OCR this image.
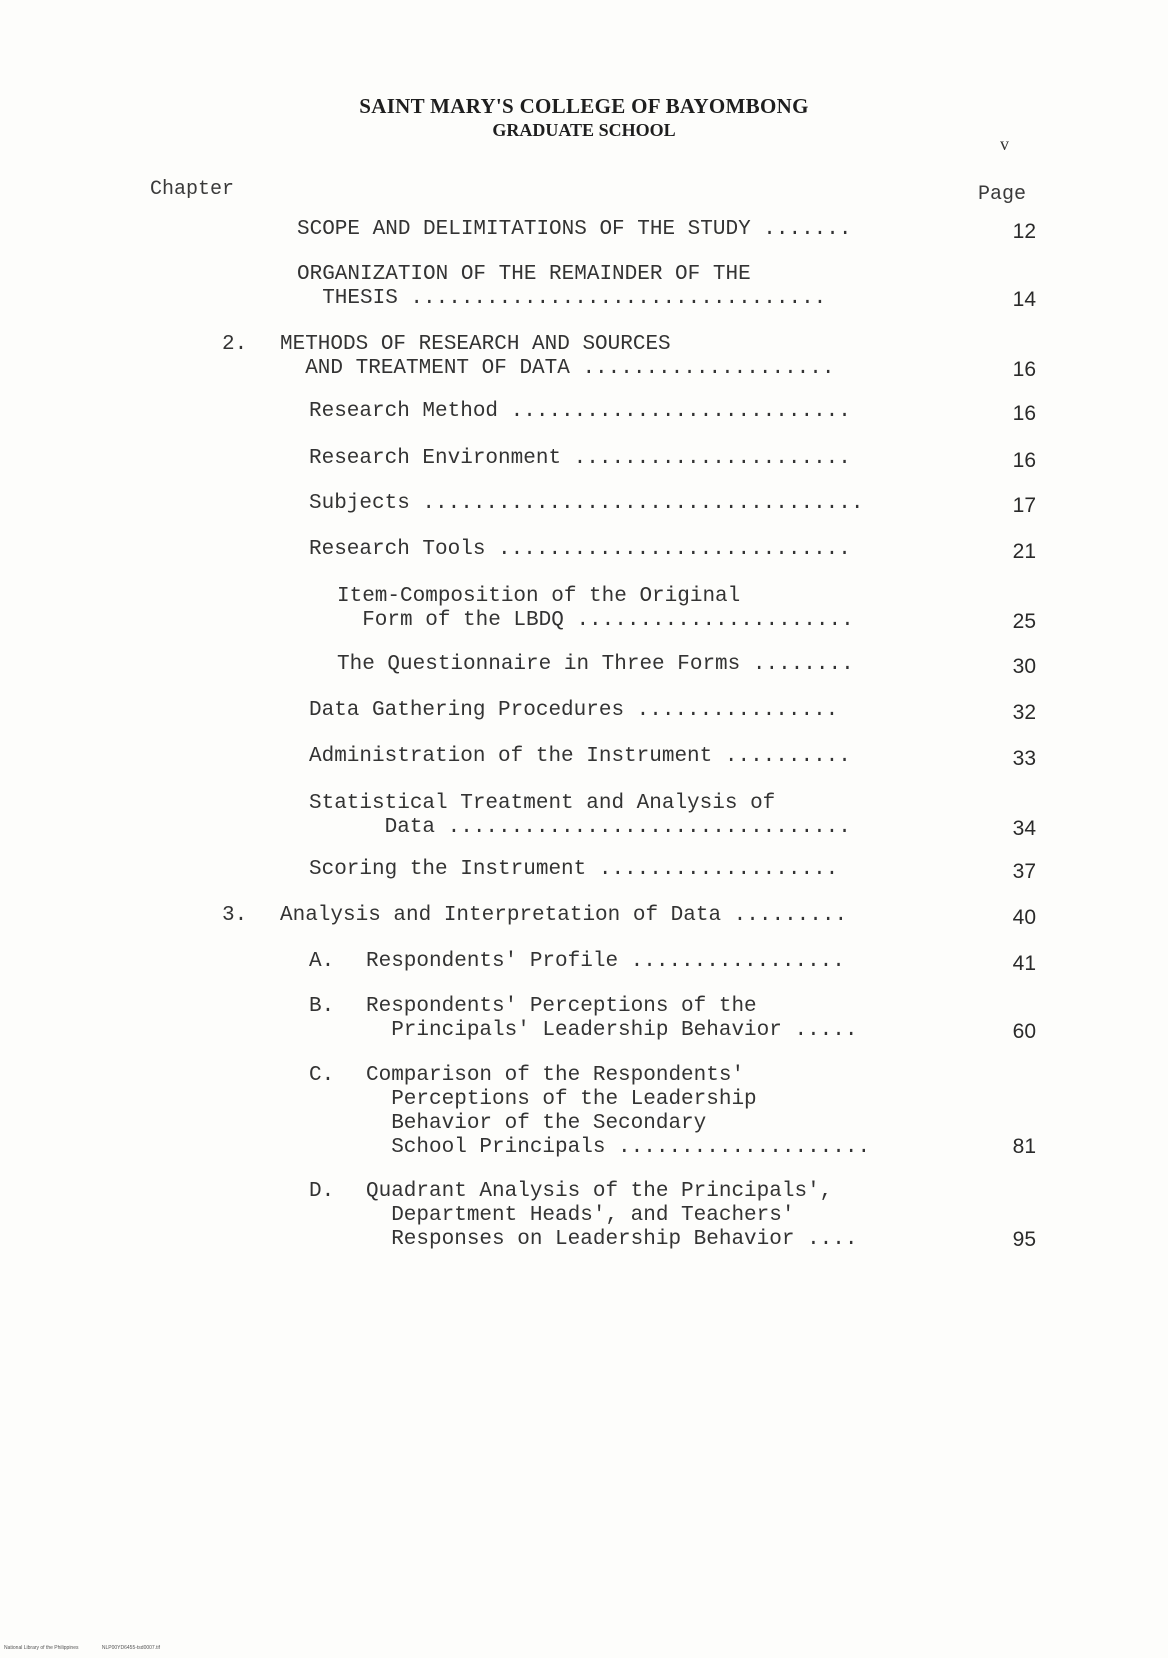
SAINT MARY'S COLLEGE OF BAYOMBONG
GRADUATE SCHOOL
v
Chapter	Page
SCOPE AND DELIMITATIONS OF THE STUDY .......	12
ORGANIZATION OF THE REMAINDER OF THE
THESIS .................................	14
2. METHODS OF RESEARCH AND SOURCES
AND TREATMENT OF DATA ....................	16
Research Method ...........................	16
Research Environment ......................	16
Subjects ...................................	17
Research Tools ............................	21
Item-Composition of the Original
Form of the LBDQ ......................	25
The Questionnaire in Three Forms ........	30
Data Gathering Procedures ................	32
Administration of the Instrument ..........	33
Statistical Treatment and Analysis of
Data ................................	34
Scoring the Instrument ...................	37
3. Analysis and Interpretation of Data .........	40
A. Respondents' Profile .................	41
B. Respondents' Perceptions of the
Principals' Leadership Behavior .....	60
C. Comparison of the Respondents'
Perceptions of the Leadership
Behavior of the Secondary
School Principals ....................	81
D. Quadrant Analysis of the Principals',
Department Heads', and Teachers'
Responses on Leadership Behavior ....	95
National Library of the Philippines	NLP00YD6455-tsd0007.tif
